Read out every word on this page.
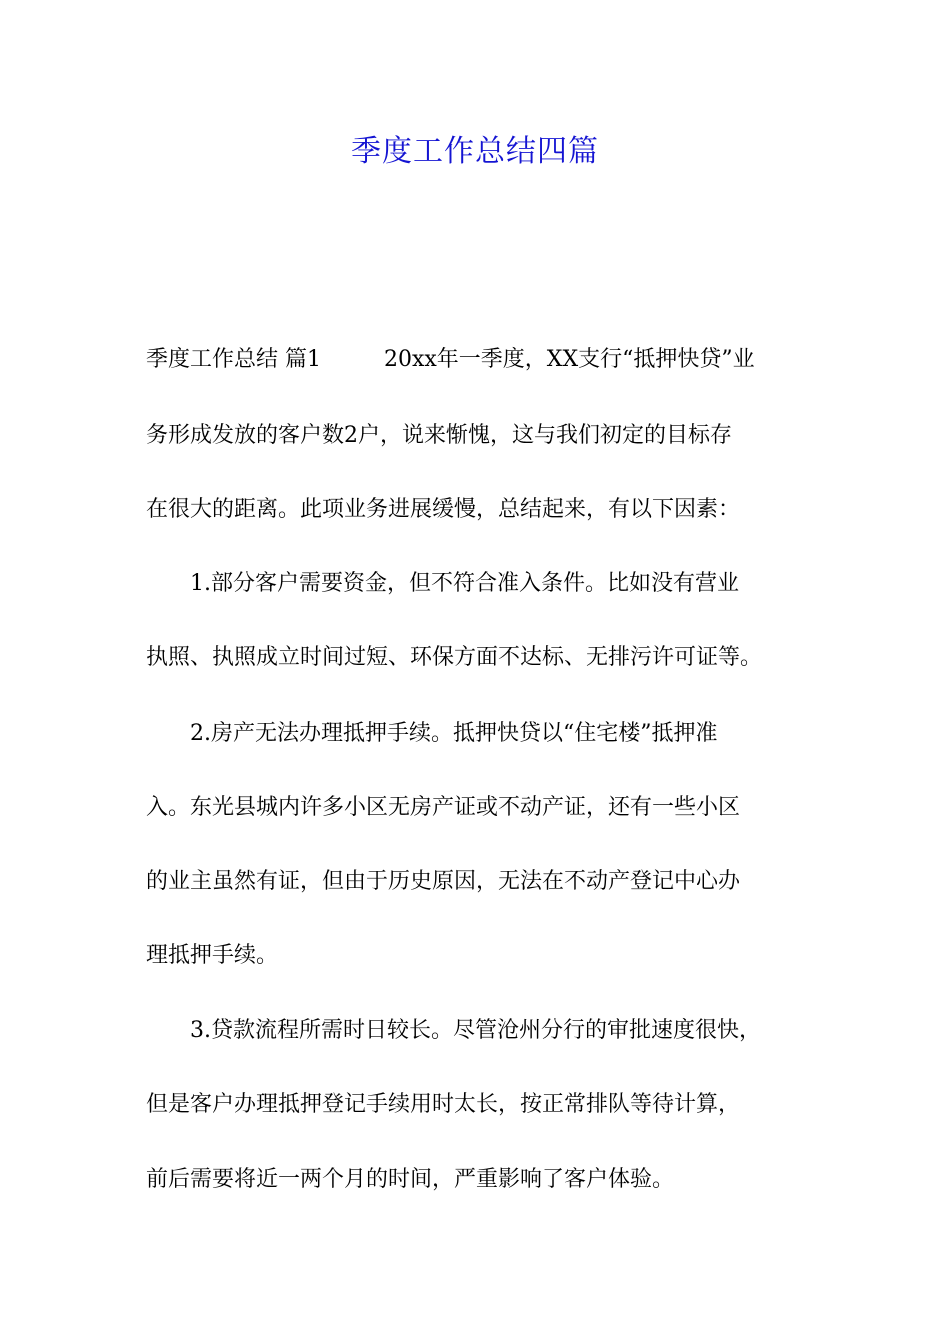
季度工作总结四篇
季度工作总结 篇1	20xx年一季度，XX支行“抵押快贷”业
务形成发放的客户数2户，说来惭愧，这与我们初定的目标存
在很大的距离。此项业务进展缓慢，总结起来，有以下因素：
1.部分客户需要资金，但不符合准入条件。比如没有营业
执照、执照成立时间过短、环保方面不达标、无排污许可证等。
2.房产无法办理抵押手续。抵押快贷以“住宅楼”抵押准
入。东光县城内许多小区无房产证或不动产证，还有一些小区
的业主虽然有证，但由于历史原因，无法在不动产登记中心办
理抵押手续。
3.贷款流程所需时日较长。尽管沧州分行的审批速度很快，
但是客户办理抵押登记手续用时太长，按正常排队等待计算，
前后需要将近一两个月的时间，严重影响了客户体验。
